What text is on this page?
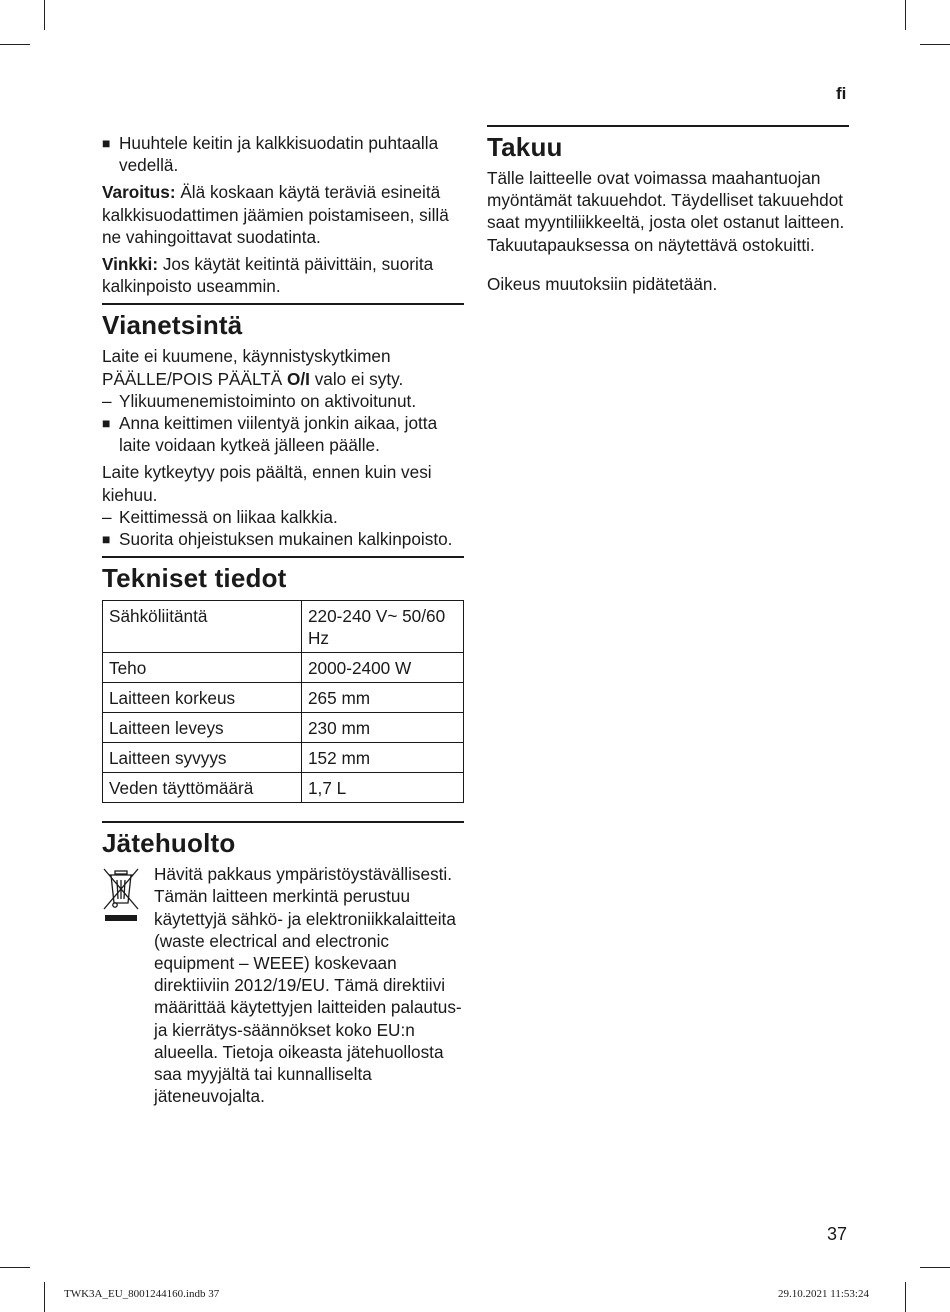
fi
■ Huuhtele keitin ja kalkkisuodatin puhtaalla vedellä.

Varoitus: Älä koskaan käytä teräviä esineitä kalkkisuodattimen jäämien poistamiseen, sillä ne vahingoittavat suodatinta.

Vinkki: Jos käytät keitintä päivittäin, suorita kalkinpoisto useammin.

Vianetsintä

Laite ei kuumene, käynnistyskytkimen PÄÄLLE/POIS PÄÄLTÄ O/I valo ei syty.

– Ylikuumenemistoiminto on aktivoitunut.
■ Anna keittimen viilentyä jonkin aikaa, jotta laite voidaan kytkeä jälleen päälle.

Laite kytkeytyy pois päältä, ennen kuin vesi kiehuu.

– Keittimessä on liikaa kalkkia.
■ Suorita ohjeistuksen mukainen kalkinpoisto.
Tekniset tiedot
Sähköliitäntä	220-240 V~ 50/60 Hz
Teho	2000-2400 W
Laitteen korkeus	265 mm
Laitteen leveys	230 mm
Laitteen syvyys	152 mm
Veden täyttömäärä	1,7 L
Jätehuolto
Hävitä pakkaus ympäristöystävällisesti. Tämän laitteen merkintä perustuu käytettyjä sähkö- ja elektroniikkalaitteita (waste electrical and electronic equipment – WEEE) koskevaan direktiiviin 2012/19/EU. Tämä direktiivi määrittää käytettyjen laitteiden palautus- ja kierrätys-säännökset koko EU:n alueella. Tietoja oikeasta jätehuollosta saa myyjältä tai kunnalliselta jäteneuvojalta.
Takuu

Tälle laitteelle ovat voimassa maahantuojan myöntämät takuuehdot. Täydelliset takuuehdot saat myyntiliikkeeltä, josta olet ostanut laitteen. Takuutapauksessa on näytettävä ostokuitti.

Oikeus muutoksiin pidätetään.

37
TWK3A_EU_8001244160.indb 37	29.10.2021 11:53:24
